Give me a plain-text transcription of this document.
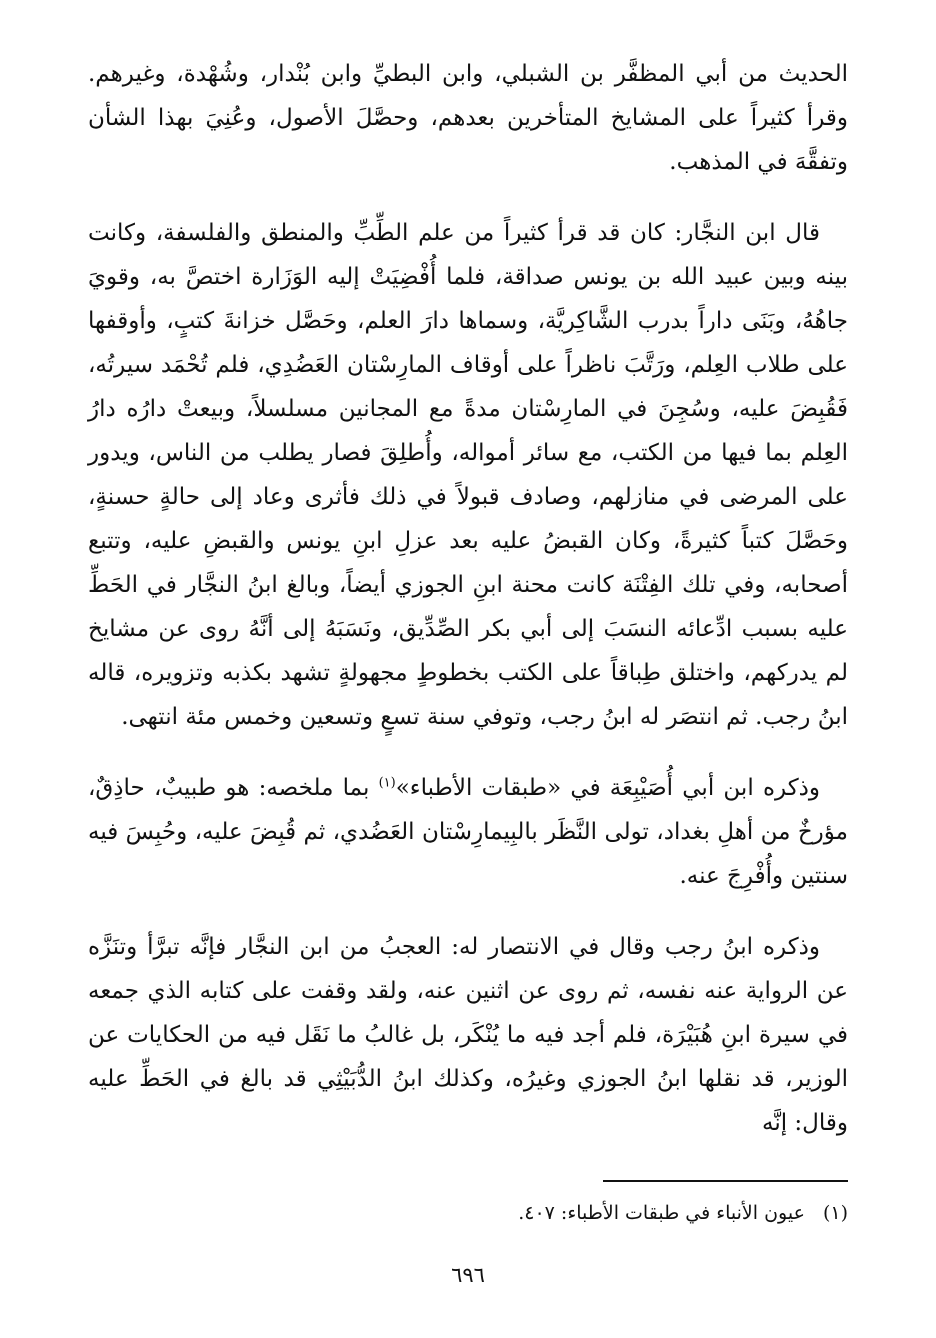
الحديث من أبي المظفَّر بن الشبلي، وابن البطيِّ وابن بُنْدار، وشُهْدة، وغيرهم. وقرأ كثيراً على المشايخ المتأخرين بعدهم، وحصَّلَ الأصول، وعُنِيَ بهذا الشأن وتفقَّهَ في المذهب.

قال ابن النجَّار: كان قد قرأ كثيراً من علم الطِّبِّ والمنطق والفلسفة، وكانت بينه وبين عبيد الله بن يونس صداقة، فلما أُفْضِيَتْ إليه الوَزَارة اختصَّ به، وقويَ جاهُهُ، وبَنَى داراً بدرب الشَّاكِريَّة، وسماها دارَ العلم، وحَصَّل خزانةَ كتبٍ، وأوقفها على طلاب العِلم، ورَتَّبَ ناظراً على أوقاف المارِسْتان العَضُدِي، فلم تُحْمَد سيرتُه، فَقُبِضَ عليه، وسُجِنَ في المارِسْتان مدةً مع المجانين مسلسلاً، وبيعتْ دارُه دارُ العِلم بما فيها من الكتب، مع سائر أمواله، وأُطلِقَ فصار يطلب من الناس، ويدور على المرضى في منازلهم، وصادف قبولاً في ذلك فأثرى وعاد إلى حالةٍ حسنةٍ، وحَصَّلَ كتباً كثيرةً، وكان القبضُ عليه بعد عزلِ ابنِ يونس والقبضِ عليه، وتتبع أصحابه، وفي تلك الفِتْنَة كانت محنة ابنِ الجوزي أيضاً، وبالغ ابنُ النجَّار في الحَطِّ عليه بسبب ادِّعائه النسَبَ إلى أبي بكر الصِّدِّيق، ونَسَبَهُ إلى أنَّهُ روى عن مشايخ لم يدركهم، واختلق طِباقاً على الكتب بخطوطٍ مجهولةٍ تشهد بكذبه وتزويره، قاله ابنُ رجب. ثم انتصَر له ابنُ رجب، وتوفي سنة تسعٍ وتسعين وخمس مئة انتهى.

وذكره ابن أبي أُصَيْبِعَة في «طبقات الأطباء»$^{(١)}$ بما ملخصه: هو طبيبٌ، حاذِقٌ، مؤرخٌ من أهلِ بغداد، تولى النَّظَر بالبِيمارِسْتان العَضُدي، ثم قُبِضَ عليه، وحُبِسَ فيه سنتين وأُفْرِجَ عنه.

وذكره ابنُ رجب وقال في الانتصار له: العجبُ من ابن النجَّار فإنَّه تبرَّأ وتنَزَّه عن الرواية عنه نفسه، ثم روى عن اثنين عنه، ولقد وقفت على كتابه الذي جمعه في سيرة ابنِ هُبَيْرَة، فلم أجد فيه ما يُنْكَر، بل غالبُ ما نَقَل فيه من الحكايات عن الوزير، قد نقلها ابنُ الجوزي وغيرُه، وكذلك ابنُ الدُّبَيْثِي قد بالغ في الحَطِّ عليه وقال: إنَّه

(١)عيون الأنباء في طبقات الأطباء: ٤٠٧.
٦٩٦
